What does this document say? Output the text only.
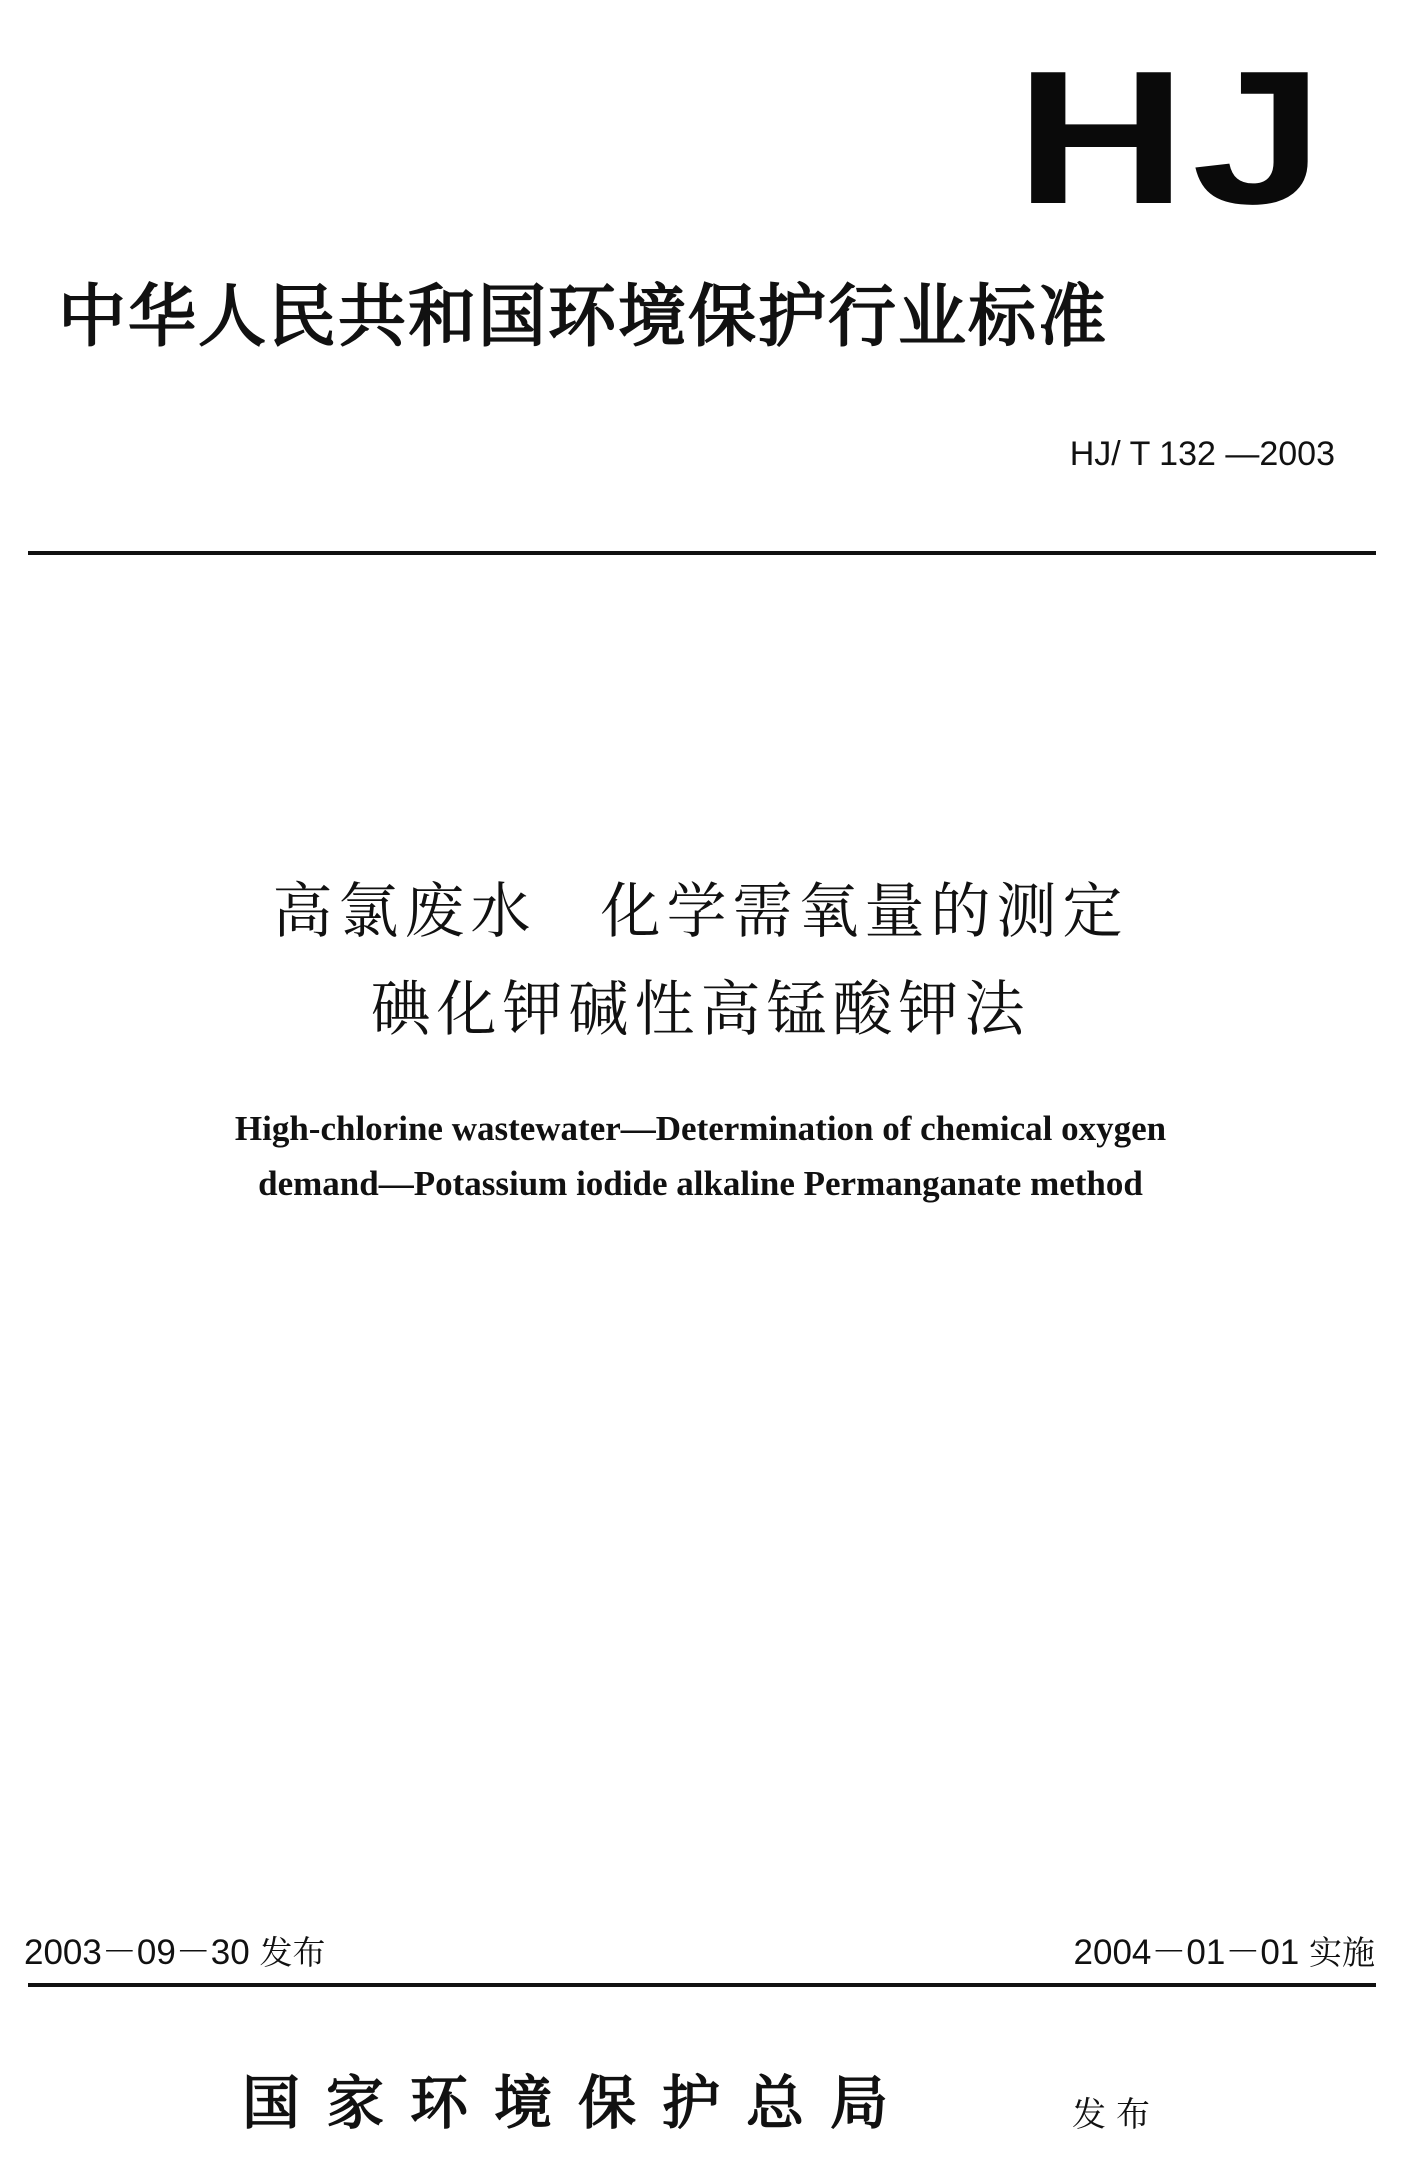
HJ
中华人民共和国环境保护行业标准
HJ/ T 132 —2003
高氯废水 化学需氧量的测定
碘化钾碱性高锰酸钾法
High-chlorine wastewater—Determination of chemical oxygen
demand—Potassium iodide alkaline Permanganate method
2003－09－30 发布	2004－01－01 实施
国家环境保护总局	发布
